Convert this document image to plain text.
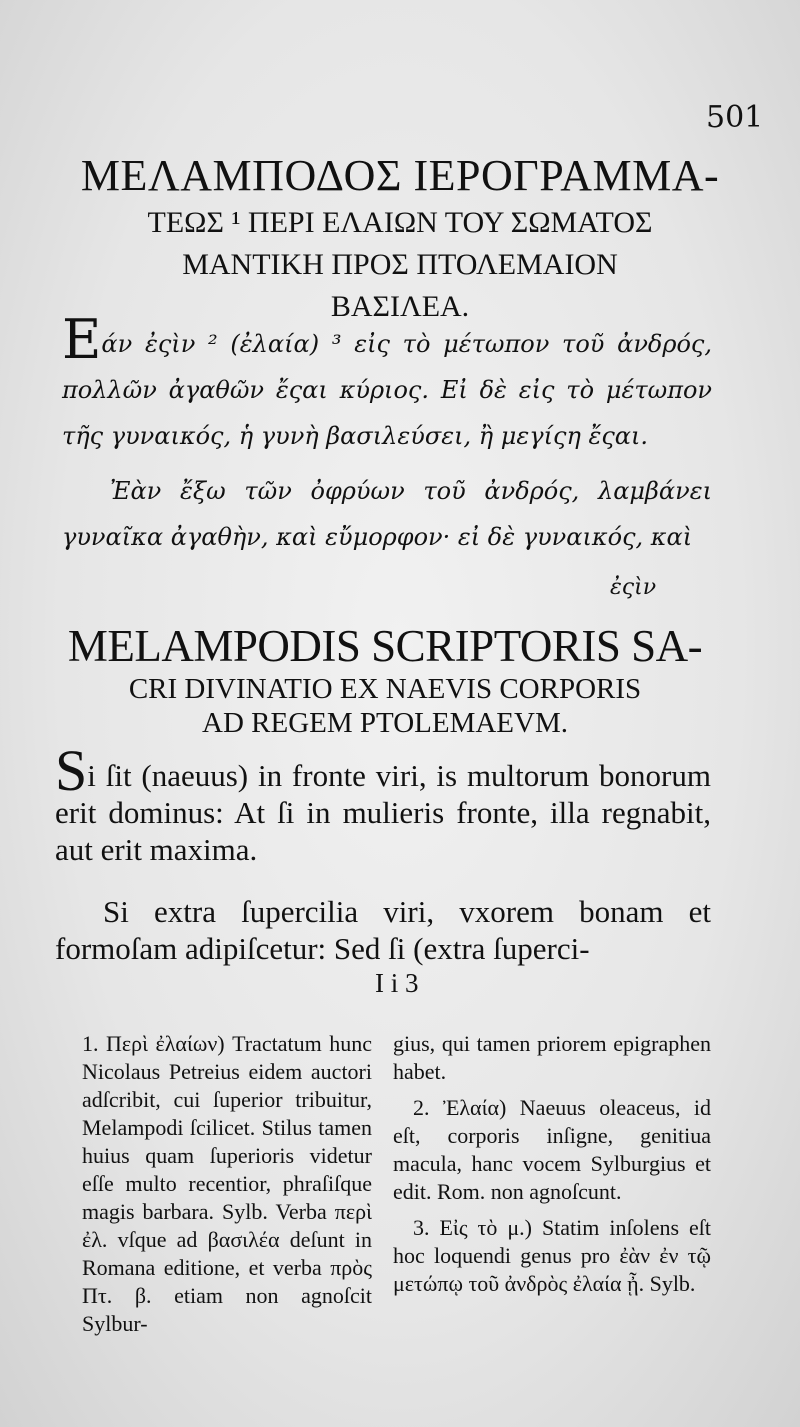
501
ΜΕΛΑΜΠΟΔΟΣ ΙΕΡΟΓΡΑΜΜΑ-
ΤΕΩΣ ¹ ΠΕΡΙ ΕΛΑΙΩΝ ΤΟΥ ΣΩΜΑΤΟΣ
ΜΑΝΤΙΚΗ ΠΡΟΣ ΠΤΟΛΕΜΑΙΟΝ
ΒΑΣΙΛΕΑ.
Εάν ἐςὶν ² (ἐλαία) ³ εἰς τὸ μέτωπον τοῦ ἀνδρός, πολλῶν ἀγαθῶν ἔςαι κύριος. Εἰ δὲ εἰς τὸ μέτωπον τῆς γυναικός, ἡ γυνὴ βασιλεύσει, ἢ μεγίςη ἔςαι.
Ἐὰν ἔξω τῶν ὀφρύων τοῦ ἀνδρός, λαμβάνει γυναῖκα ἀγαθὴν, καὶ εὔμορφον· εἰ δὲ γυναικός, καὶ
ἐςὶν
MELAMPODIS SCRIPTORIS SA-
CRI DIVINATIO EX NAEVIS CORPORIS
AD REGEM PTOLEMAEVM.
Si ſit (naeuus) in fronte viri, is multorum bonorum erit dominus: At ſi in mulieris fronte, illa regnabit, aut erit maxima.
Si extra ſupercilia viri, vxorem bonam et formoſam adipiſcetur: Sed ſi (extra ſuperci-
I i 3

1. Περὶ ἐλαίων) Tractatum hunc Nicolaus Petreius eidem auctori adſcribit, cui ſuperior tribuitur, Melampodi ſcilicet. Stilus tamen huius quam ſuperioris videtur eſſe multo recentior, phraſiſque magis barbara. Sylb. Verba περὶ ἐλ. vſque ad βασιλέα deſunt in Romana editione, et verba πρὸς Πτ. β. etiam non agnoſcit Sylbur-

gius, qui tamen priorem epigraphen habet.

2. Ἐλαία) Naeuus oleaceus, id eſt, corporis inſigne, genitiua macula, hanc vocem Sylburgius et edit. Rom. non agnoſcunt.

3. Εἰς τὸ μ.) Statim inſolens eſt hoc loquendi genus pro ἐὰν ἐν τῷ μετώπῳ τοῦ ἀνδρὸς ἐλαία ᾖ. Sylb.
